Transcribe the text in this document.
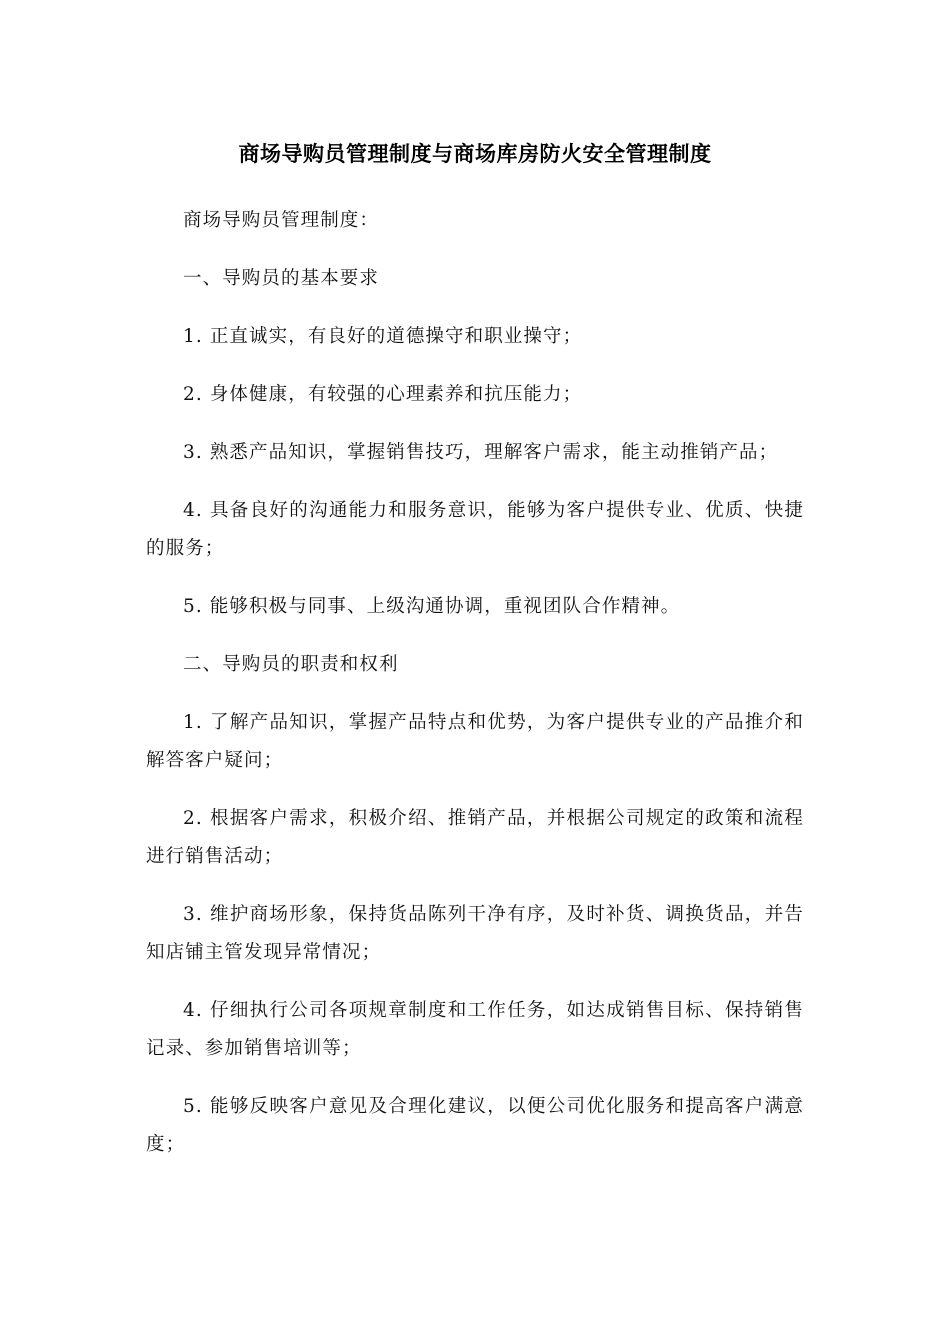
商场导购员管理制度与商场库房防火安全管理制度

商场导购员管理制度：

一、导购员的基本要求

1. 正直诚实，有良好的道德操守和职业操守；

2. 身体健康，有较强的心理素养和抗压能力；

3. 熟悉产品知识，掌握销售技巧，理解客户需求，能主动推销产品；

4. 具备良好的沟通能力和服务意识，能够为客户提供专业、优质、快捷的服务；

5. 能够积极与同事、上级沟通协调，重视团队合作精神。

二、导购员的职责和权利

1. 了解产品知识，掌握产品特点和优势，为客户提供专业的产品推介和解答客户疑问；

2. 根据客户需求，积极介绍、推销产品，并根据公司规定的政策和流程进行销售活动；

3. 维护商场形象，保持货品陈列干净有序，及时补货、调换货品，并告知店铺主管发现异常情况；

4. 仔细执行公司各项规章制度和工作任务，如达成销售目标、保持销售记录、参加销售培训等；

5. 能够反映客户意见及合理化建议，以便公司优化服务和提高客户满意度；
